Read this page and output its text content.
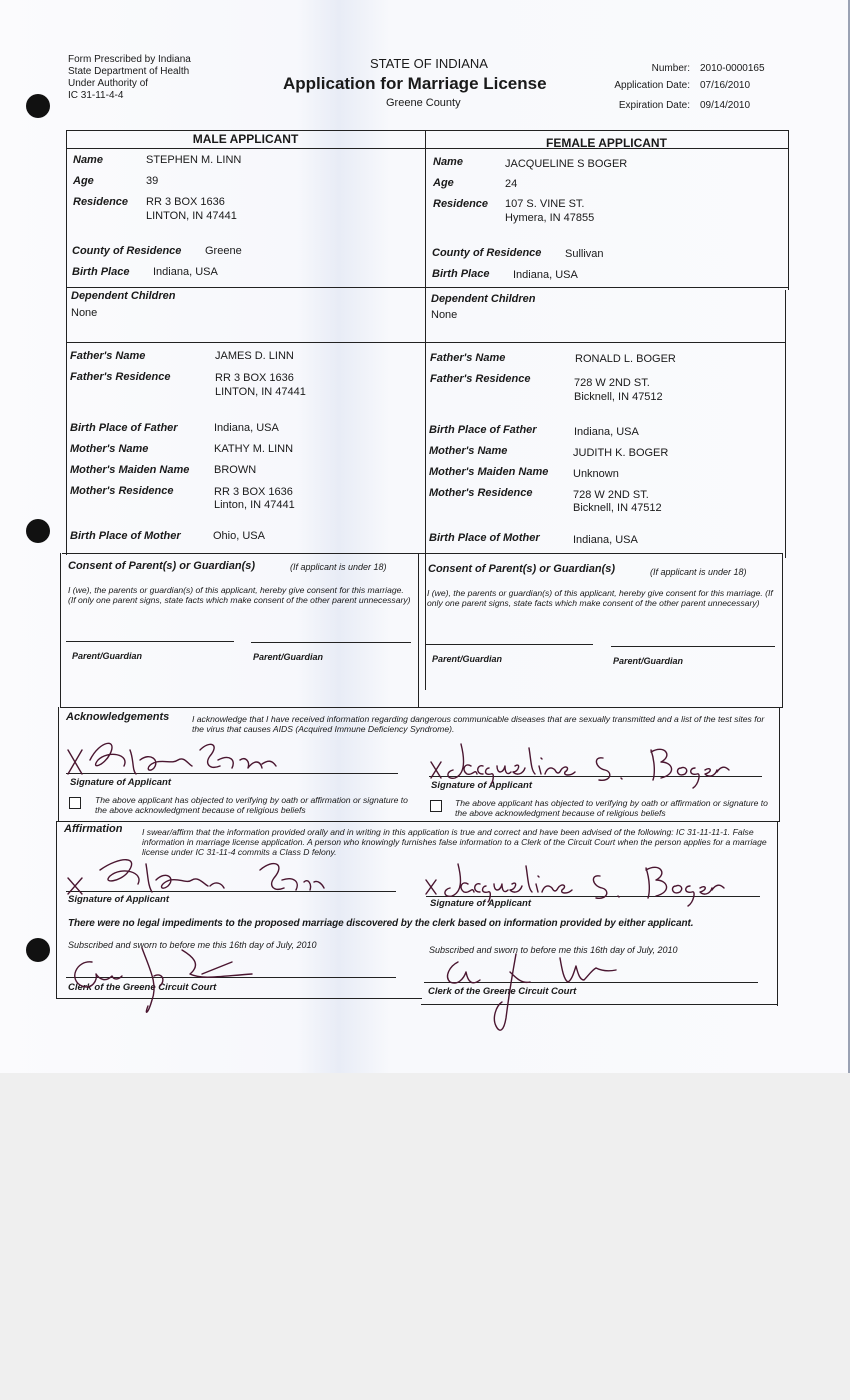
Form Prescribed by Indiana
State Department of Health
Under Authority of
IC 31-11-4-4
STATE OF INDIANA
Application for Marriage License
Greene County
Number: 2010-0000165
Application Date: 07/16/2010
Expiration Date: 09/14/2010
MALE APPLICANT	FEMALE APPLICANT
Name	STEPHEN M. LINN
Age	39
Residence RR 3 BOX 1636
LINTON, IN 47441
County of Residence Greene
Birth Place Indiana, USA
Dependent Children
None
Father's Name	JAMES D. LINN
Father's Residence	RR 3 BOX 1636
LINTON, IN 47441
Birth Place of Father	Indiana, USA
Mother's Name	KATHY M. LINN
Mother's Maiden Name BROWN
Mother's Residence	RR 3 BOX 1636
Linton, IN 47441
Birth Place of Mother	Ohio, USA
Name	JACQUELINE S BOGER
Age	24
Residence 107 S. VINE ST.
Hymera, IN 47855
County of Residence Sullivan
Birth Place Indiana, USA
Dependent Children
None
Father's Name	RONALD L. BOGER
Father's Residence	728 W 2ND ST.
Bicknell, IN 47512
Birth Place of Father	Indiana, USA
Mother's Name	JUDITH K. BOGER
Mother's Maiden Name Unknown
Mother's Residence	728 W 2ND ST.
Bicknell, IN 47512
Birth Place of Mother	Indiana, USA
Consent of Parent(s) or Guardian(s)	(If applicant is under 18)
I (we), the parents or guardian(s) of this applicant, hereby give consent for this marriage. (If only one parent signs, state facts which make consent of the other parent unnecessary)
Parent/Guardian	Parent/Guardian
Consent of Parent(s) or Guardian(s)	(If applicant is under 18)
I (we), the parents or guardian(s) of this applicant, hereby give consent for this marriage. (If only one parent signs, state facts which make consent of the other parent unnecessary)
Parent/Guardian	Parent/Guardian
Acknowledgements	I acknowledge that I have received information regarding dangerous communicable diseases that are sexually transmitted and a list of the test sites for the virus that causes AIDS (Acquired Immune Deficiency Syndrome).
Signature of Applicant	Signature of Applicant
The above applicant has objected to verifying by oath or affirmation or signature to the above acknowledgment because of religious beliefs
The above applicant has objected to verifying by oath or affirmation or signature to the above acknowledgment because of religious beliefs
Affirmation I swear/affirm that the information provided orally and in writing in this application is true and correct and have been advised of the following: IC 31-11-11-1. False information in marriage license application. A person who knowingly furnishes false information to a Clerk of the Circuit Court when the person applies for a marriage license under IC 31-11-4 commits a Class D felony.
Signature of Applicant	Signature of Applicant
There were no legal impediments to the proposed marriage discovered by the clerk based on information provided by either applicant.
Subscribed and sworn to before me this 16th day of July, 2010	Subscribed and sworn to before me this 16th day of July, 2010
Clerk of the Greene Circuit Court	Clerk of the Greene Circuit Court
